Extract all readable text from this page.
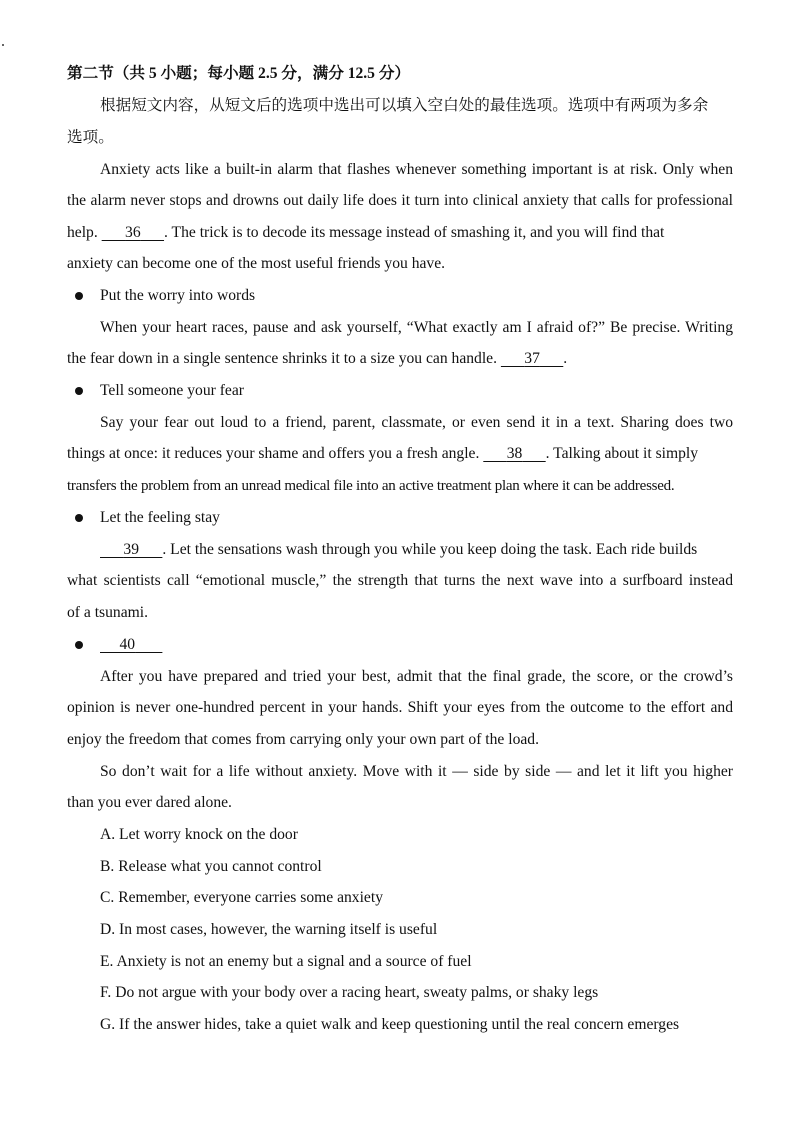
第二节（共 5 小题；每小题 2.5 分，满分 12.5 分）
根据短文内容，从短文后的选项中选出可以填入空白处的最佳选项。选项中有两项为多余
选项。
Anxiety acts like a built-in alarm that flashes whenever something important is at risk. Only when
the alarm never stops and drowns out daily life does it turn into clinical anxiety that calls for professional
help. 36 . The trick is to decode its message instead of smashing it, and you will find that
anxiety can become one of the most useful friends you have.
Put the worry into words
When your heart races, pause and ask yourself, “What exactly am I afraid of?” Be precise. Writing
the fear down in a single sentence shrinks it to a size you can handle. 37 .
Tell someone your fear
Say your fear out loud to a friend, parent, classmate, or even send it in a text. Sharing does two
things at once: it reduces your shame and offers you a fresh angle. 38 . Talking about it simply
transfers the problem from an unread medical file into an active treatment plan where it can be addressed.
Let the feeling stay
39 . Let the sensations wash through you while you keep doing the task. Each ride builds
what scientists call “emotional muscle,” the strength that turns the next wave into a surfboard instead
of a tsunami.
40
After you have prepared and tried your best, admit that the final grade, the score, or the crowd’s
opinion is never one-hundred percent in your hands. Shift your eyes from the outcome to the effort and
enjoy the freedom that comes from carrying only your own part of the load.
So don’t wait for a life without anxiety. Move with it — side by side — and let it lift you higher
than you ever dared alone.
A. Let worry knock on the door
B. Release what you cannot control
C. Remember, everyone carries some anxiety
D. In most cases, however, the warning itself is useful
E. Anxiety is not an enemy but a signal and a source of fuel
F. Do not argue with your body over a racing heart, sweaty palms, or shaky legs
G. If the answer hides, take a quiet walk and keep questioning until the real concern emerges
